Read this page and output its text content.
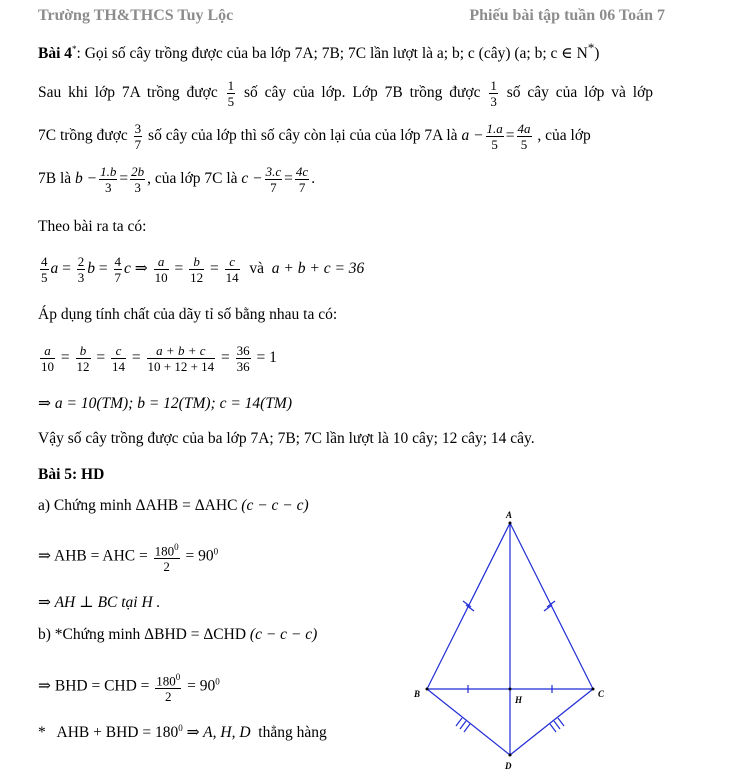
Trường TH&THCS Tuy Lộc	Phiếu bài tập tuần 06 Toán 7
Bài 4*: Gọi số cây trồng được của ba lớp 7A; 7B; 7C lần lượt là a; b; c (cây) (a; b; c ∈ N*)
Sau khi lớp 7A trồng được $\frac{1}{5}$ số cây của lớp. Lớp 7B trồng được $\frac{1}{3}$ số cây của lớp và lớp
7C trồng được $\frac{3}{7}$ số cây của lớp thì số cây còn lại của của lớp 7A là $a - \frac{1.a}{5} = \frac{4a}{5}$ , của lớp
7B là $b - \frac{1.b}{3} = \frac{2b}{3}$ , của lớp 7C là $c - \frac{3.c}{7} = \frac{4c}{7}$ .
Theo bài ra ta có:
$\frac{4}{5}$ $a = \frac{2}{3}$ $b = \frac{4}{7}$ c ⇒ $\frac{a}{10} = \frac{b}{12} = \frac{c}{14}$ và a + b + c = 36
Áp dụng tính chất của dãy tỉ số bằng nhau ta có:
$\frac{a}{10} = \frac{b}{12} = \frac{c}{14} = \frac{a + b + c}{10 + 12 + 14} = \frac{36}{36} = 1$
⇒ a = 10(TM); b = 12(TM); c = 14(TM)
Vậy số cây trồng được của ba lớp 7A; 7B; 7C lần lượt là 10 cây; 12 cây; 14 cây.
Bài 5: HD
a) Chứng minh ΔAHB = ΔAHC (c − c − c)
⇒ AHB = AHC = $\frac{180^0}{2} = 90^0$
⇒ AH ⊥ BC tại H .
b) *Chứng minh ΔBHD = ΔCHD (c − c − c)
⇒ BHD = CHD = $\frac{180^0}{2} = 90^0$
* AHB + BHD = $180^0$ ⇒ A, H, D thẳng hàng
A
B	C
D
H
